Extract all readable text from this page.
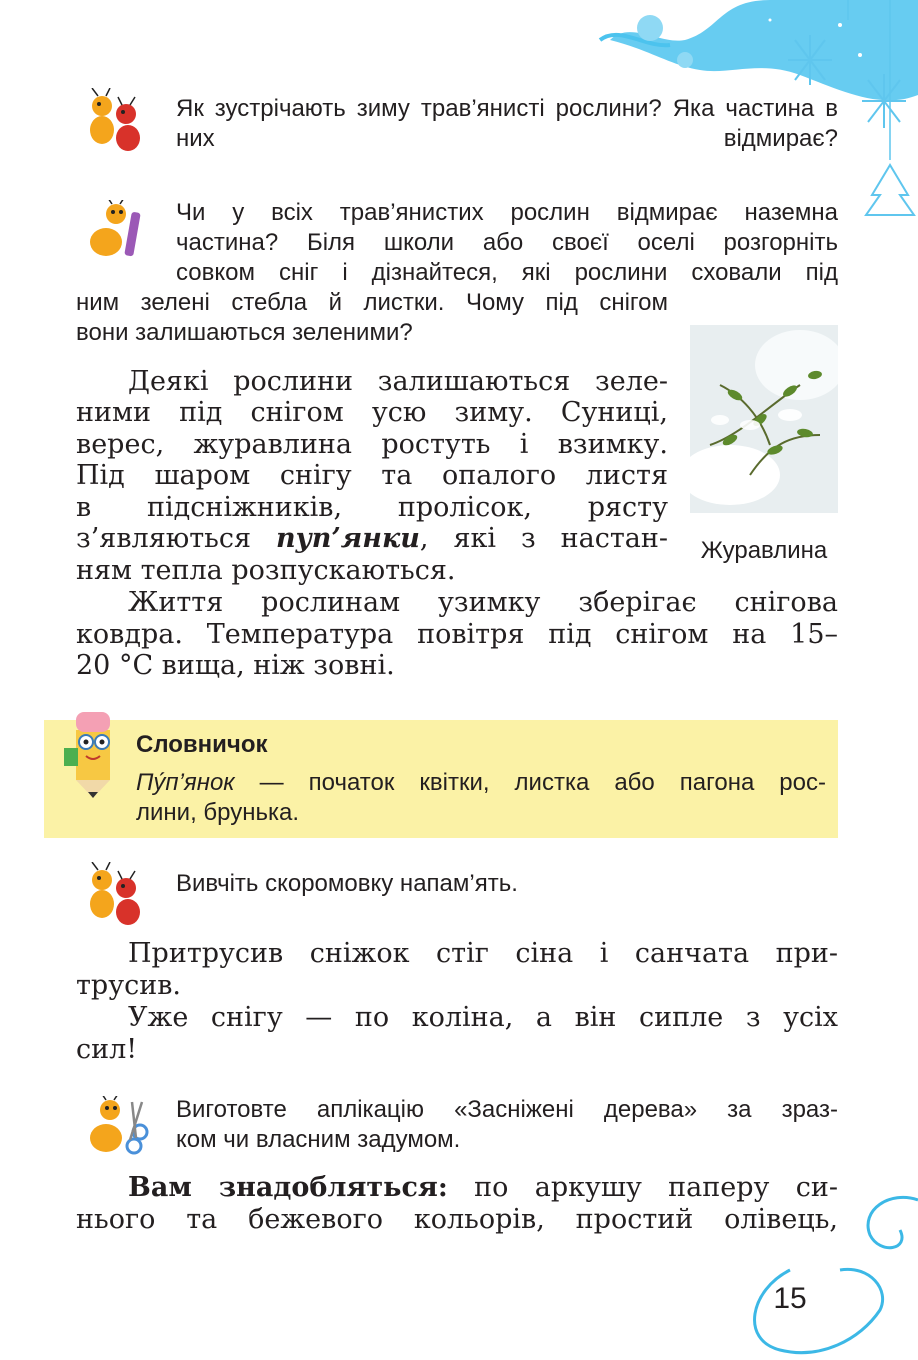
Як зустрічають зиму трав’янисті рослини? Яка частина в них відмирає?
Чи у всіх трав’янистих рослин відмирає наземна
частина? Біля школи або своєї оселі розгорніть
совком сніг і дізнайтеся, які рослини сховали під
ним зелені стебла й листки. Чому під снігом
вони залишаються зеленими?
Журавлина
Деякі рослини залишаються зеле-
ними під снігом усю зиму. Суниці,
верес, журавлина ростуть і взимку.
Під шаром снігу та опалого листя
в підсніжників, пролісок, рясту
з’являються пуп’янки, які з настан-
ням тепла розпускаються.
Життя рослинам узимку зберігає снігова
ковдра. Температура повітря під снігом на 15–
20 °С вища, ніж зовні.
Словничок
Пу́п’янок — початок квітки, листка або пагона рос-
лини, брунька.
Вивчіть скоромовку напам’ять.
Притрусив сніжок стіг сіна і санчата при-
трусив.
Уже снігу — по коліна, а він сипле з усіх
сил!
Виготовте аплікацію «Засніжені дерева» за зраз-
ком чи власним задумом.
Вам знадобляться: по аркушу паперу си-
нього та бежевого кольорів, простий олівець,
15
